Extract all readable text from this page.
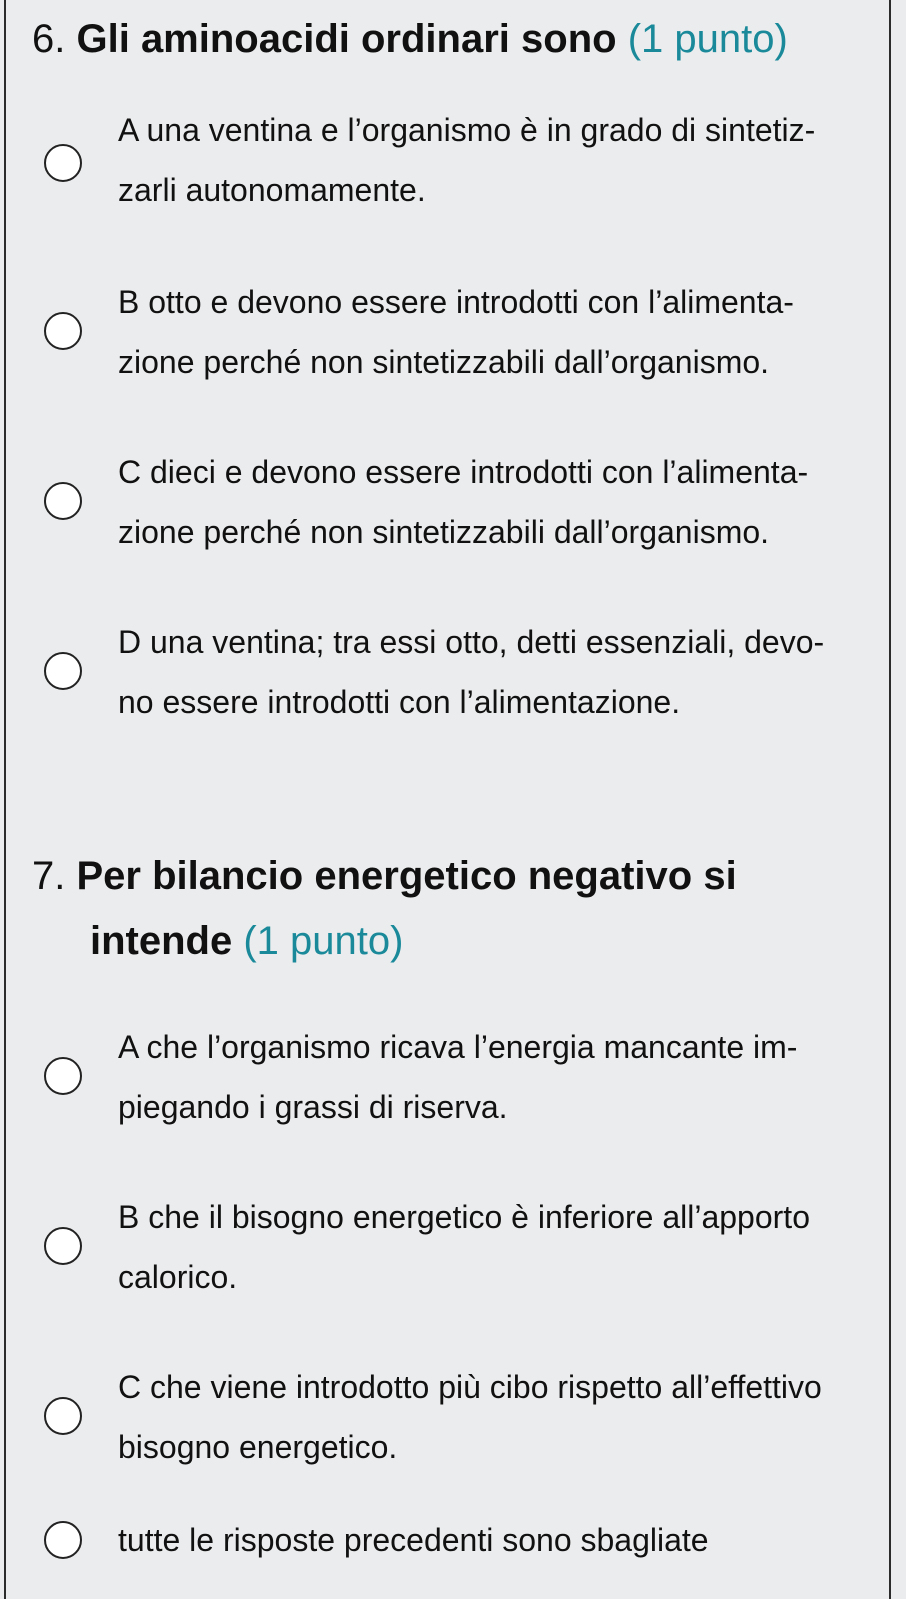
6. Gli aminoacidi ordinari sono (1 punto)
A una ventina e l’organismo è in grado di sintetiz-
zarli autonomamente.
B otto e devono essere introdotti con l’alimenta-
zione perché non sintetizzabili dall’organismo.
C dieci e devono essere introdotti con l’alimenta-
zione perché non sintetizzabili dall’organismo.
D una ventina; tra essi otto, detti essenziali, devo-
no essere introdotti con l’alimentazione.
7. Per bilancio energetico negativo si
intende (1 punto)
A che l’organismo ricava l’energia mancante im-
piegando i grassi di riserva.
B che il bisogno energetico è inferiore all’apporto
calorico.
C che viene introdotto più cibo rispetto all’effettivo
bisogno energetico.
tutte le risposte precedenti sono sbagliate
